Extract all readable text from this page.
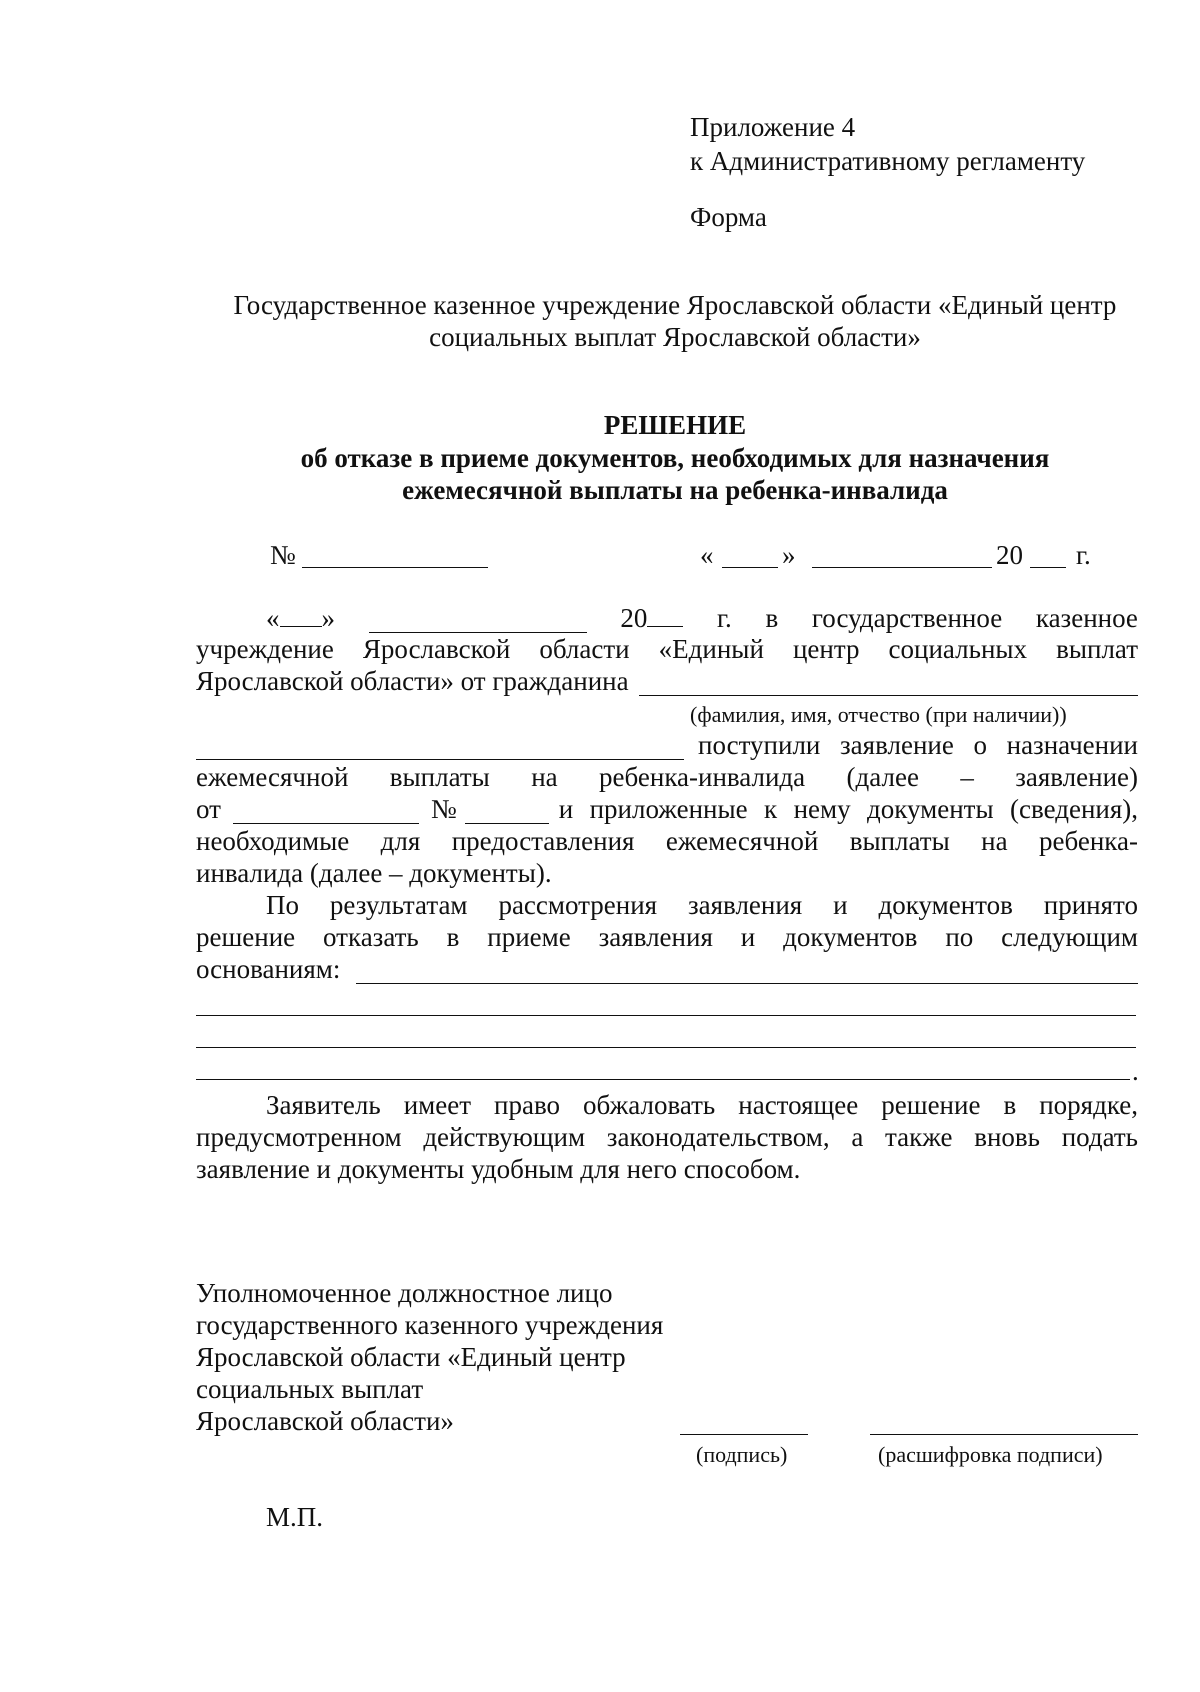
Приложение 4
к Административному регламенту
Форма
Государственное казенное учреждение Ярославской области «Единый центр
социальных выплат Ярославской области»
РЕШЕНИЕ
об отказе в приеме документов, необходимых для назначения
ежемесячной выплаты на ребенка-инвалида
№	«	»	20 г.
« »	20	г. в государственное казенное
учреждение Ярославской области «Единый центр социальных выплат
Ярославской области» от гражданина
(фамилия, имя, отчество (при наличии))
поступили заявление о назначении
ежемесячной выплаты на ребенка-инвалида (далее – заявление)
от	№	и приложенные к нему документы (сведения),
необходимые для предоставления ежемесячной выплаты на ребенка-
инвалида (далее – документы).
По результатам рассмотрения заявления и документов принято
решение отказать в приеме заявления и документов по следующим
основаниям:
.
Заявитель имеет право обжаловать настоящее решение в порядке,
предусмотренном действующим законодательством, а также вновь подать
заявление и документы удобным для него способом.
Уполномоченное должностное лицо
государственного казенного учреждения
Ярославской области «Единый центр
социальных выплат
Ярославской области»
(подпись)	(расшифровка подписи)
М.П.
